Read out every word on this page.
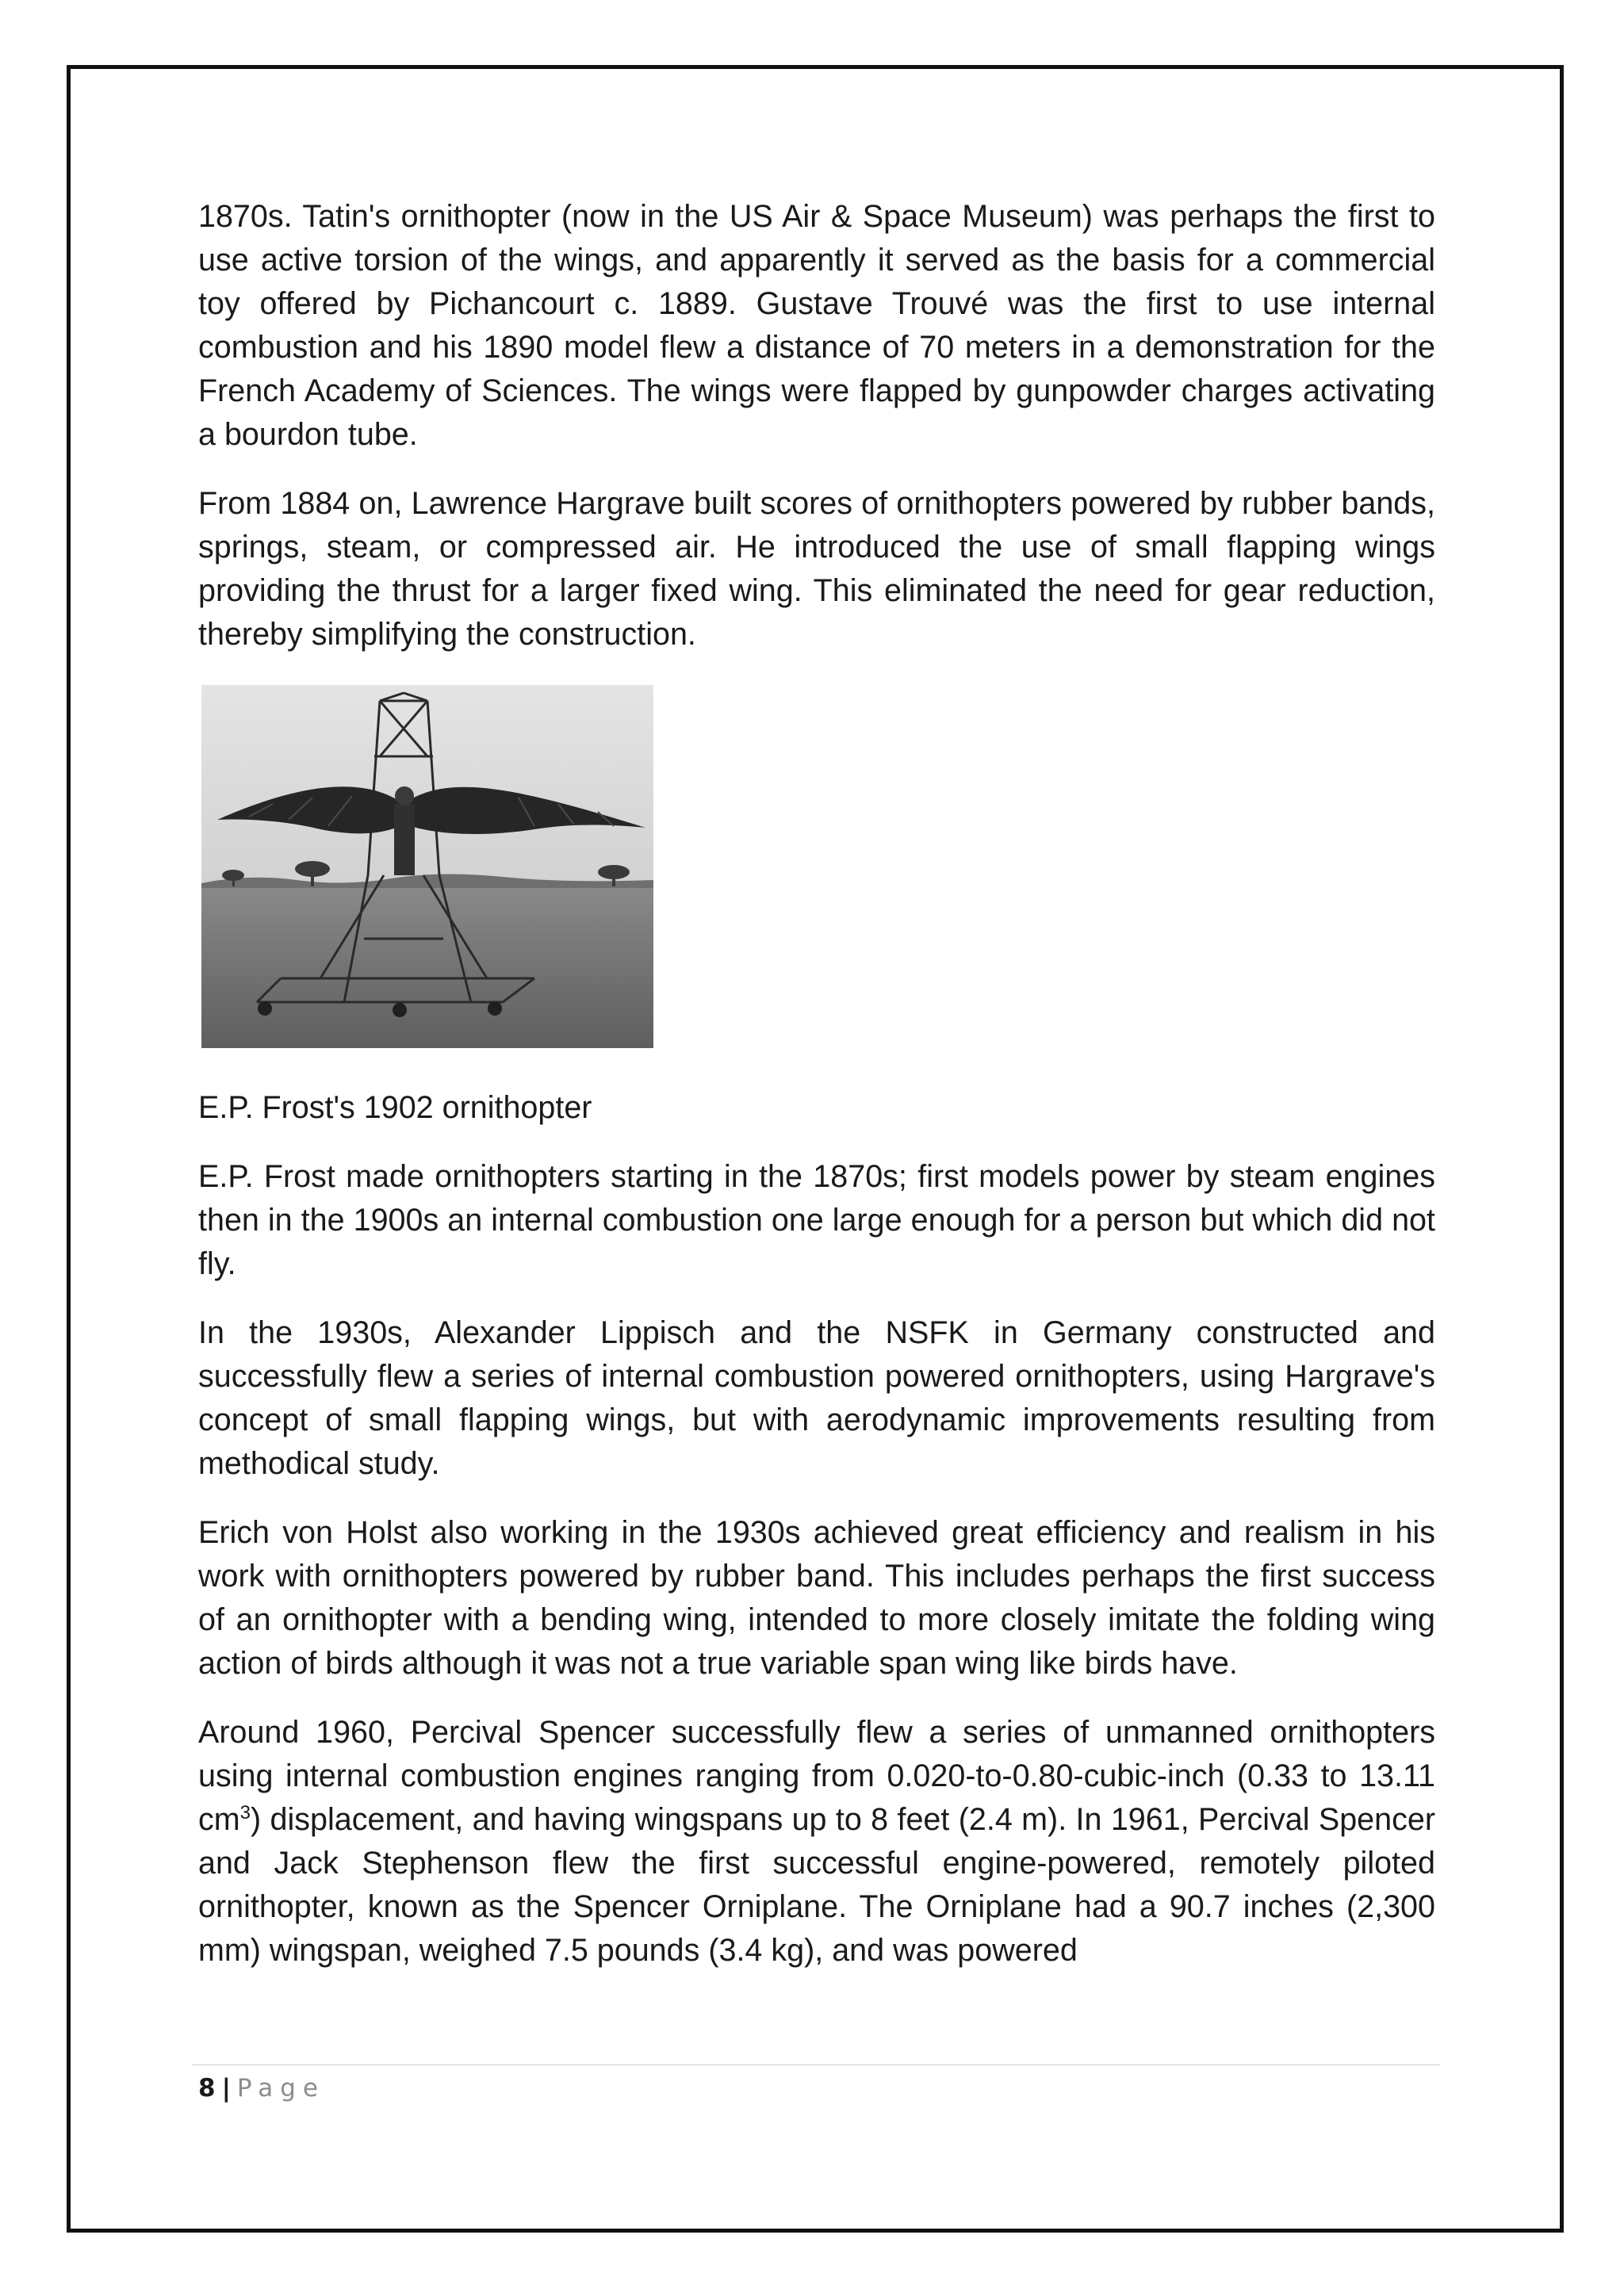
1870s. Tatin's ornithopter (now in the US Air & Space Museum) was perhaps the first to use active torsion of the wings, and apparently it served as the basis for a commercial toy offered by Pichancourt c. 1889. Gustave Trouvé was the first to use internal combustion and his 1890 model flew a distance of 70 meters in a demonstration for the French Academy of Sciences. The wings were flapped by gunpowder charges activating a bourdon tube.

From 1884 on, Lawrence Hargrave built scores of ornithopters powered by rubber bands, springs, steam, or compressed air. He introduced the use of small flapping wings providing the thrust for a larger fixed wing. This eliminated the need for gear reduction, thereby simplifying the construction.

E.P. Frost's 1902 ornithopter

E.P. Frost made ornithopters starting in the 1870s; first models power by steam engines then in the 1900s an internal combustion one large enough for a person but which did not fly.

In the 1930s, Alexander Lippisch and the NSFK in Germany constructed and successfully flew a series of internal combustion powered ornithopters, using Hargrave's concept of small flapping wings, but with aerodynamic improvements resulting from methodical study.

Erich von Holst also working in the 1930s achieved great efficiency and realism in his work with ornithopters powered by rubber band. This includes perhaps the first success of an ornithopter with a bending wing, intended to more closely imitate the folding wing action of birds although it was not a true variable span wing like birds have.

Around 1960, Percival Spencer successfully flew a series of unmanned ornithopters using internal combustion engines ranging from 0.020-to-0.80-cubic-inch (0.33 to 13.11 $cm^3$) displacement, and having wingspans up to 8 feet (2.4 m). In 1961, Percival Spencer and Jack Stephenson flew the first successful engine-powered, remotely piloted ornithopter, known as the Spencer Orniplane. The Orniplane had a 90.7 inches (2,300 mm) wingspan, weighed 7.5 pounds (3.4 kg), and was powered

8 | Page
